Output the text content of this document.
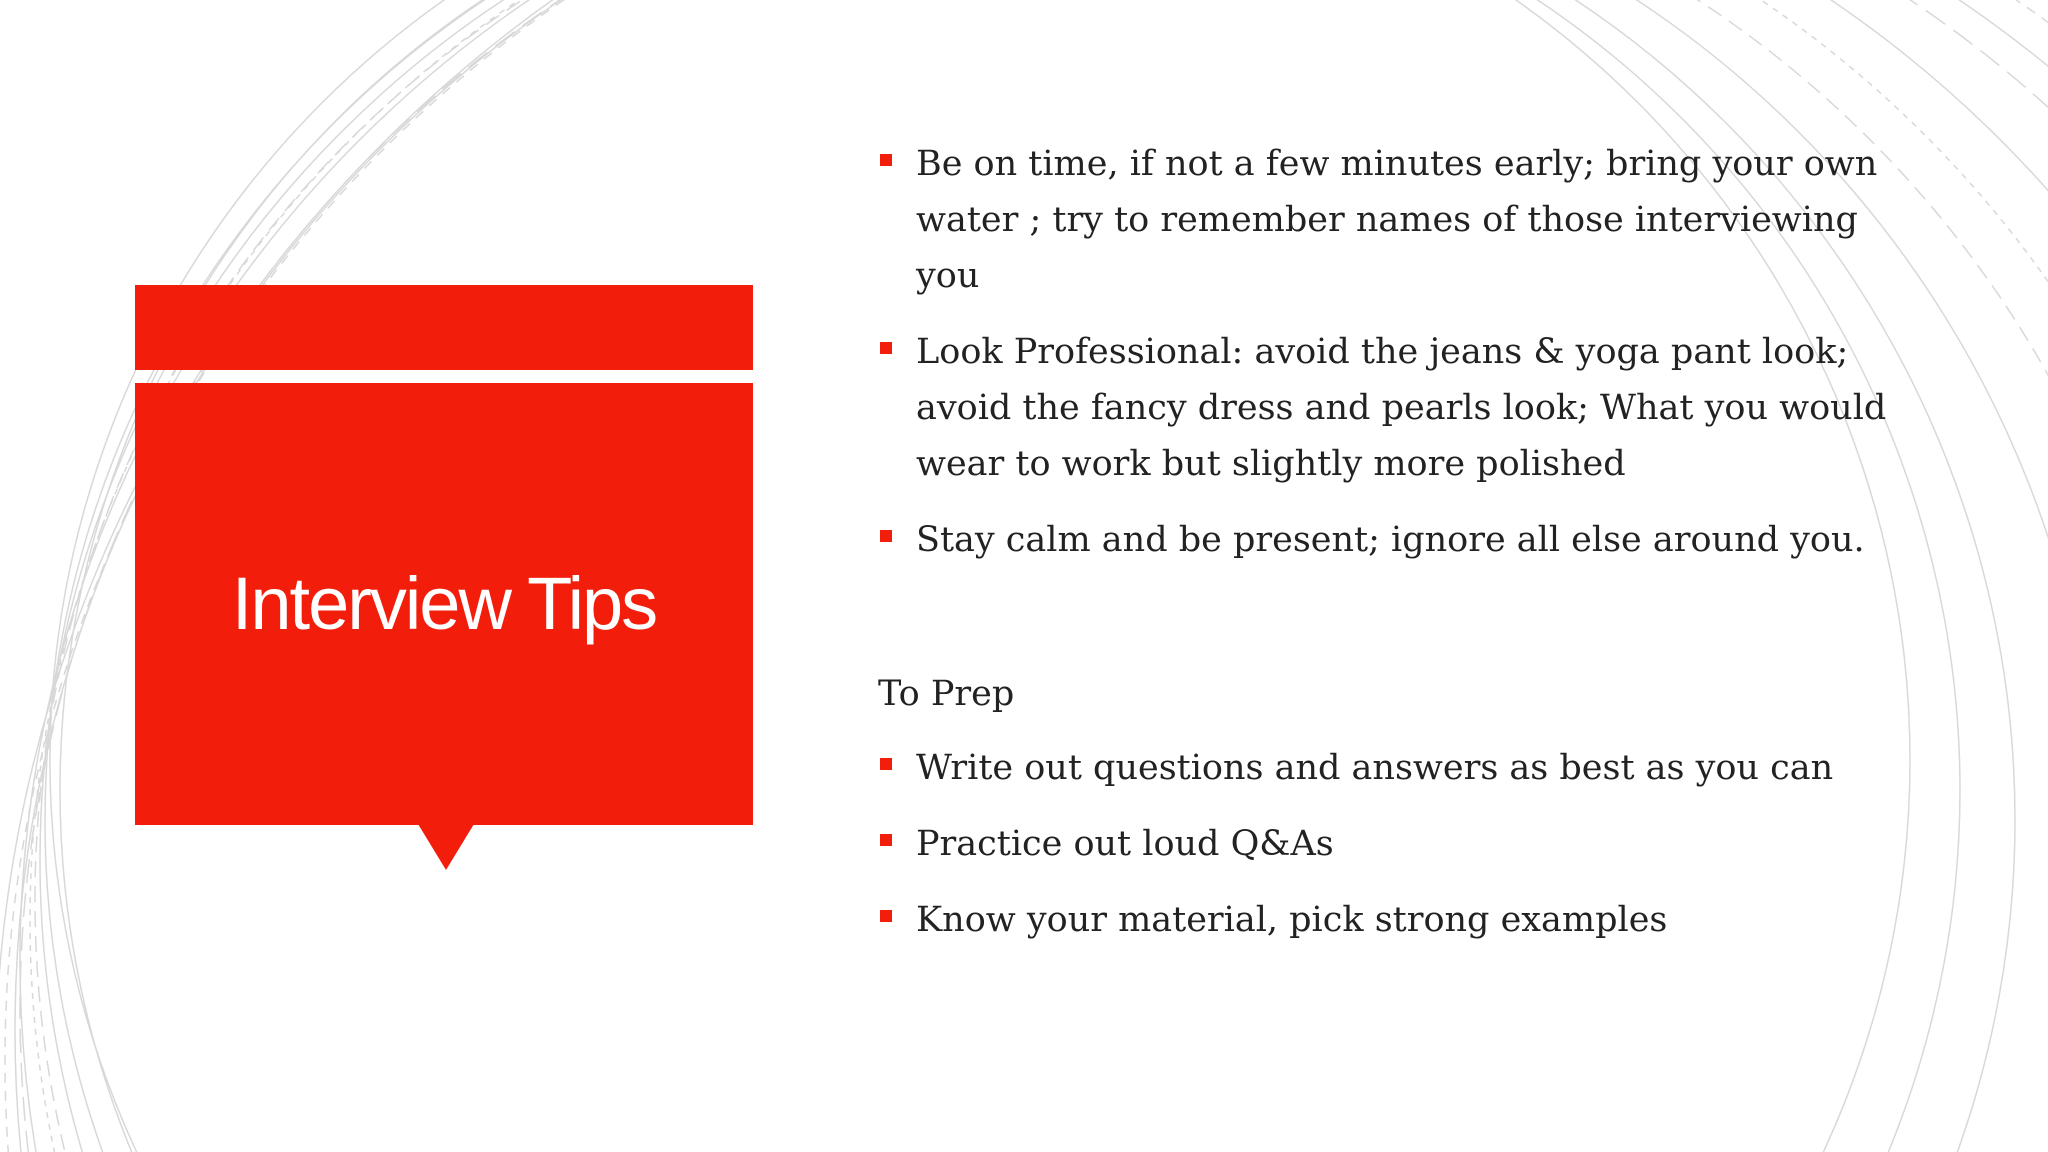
Interview Tips
Be on time, if not a few minutes early; bring your own water ; try to remember names of those interviewing you
Look Professional: avoid the jeans & yoga pant look; avoid the fancy dress and pearls look; What you would wear to work but slightly more polished
Stay calm and be present; ignore all else around you.
To Prep
Write out questions and answers as best as you can
Practice out loud Q&As
Know your material, pick strong examples
